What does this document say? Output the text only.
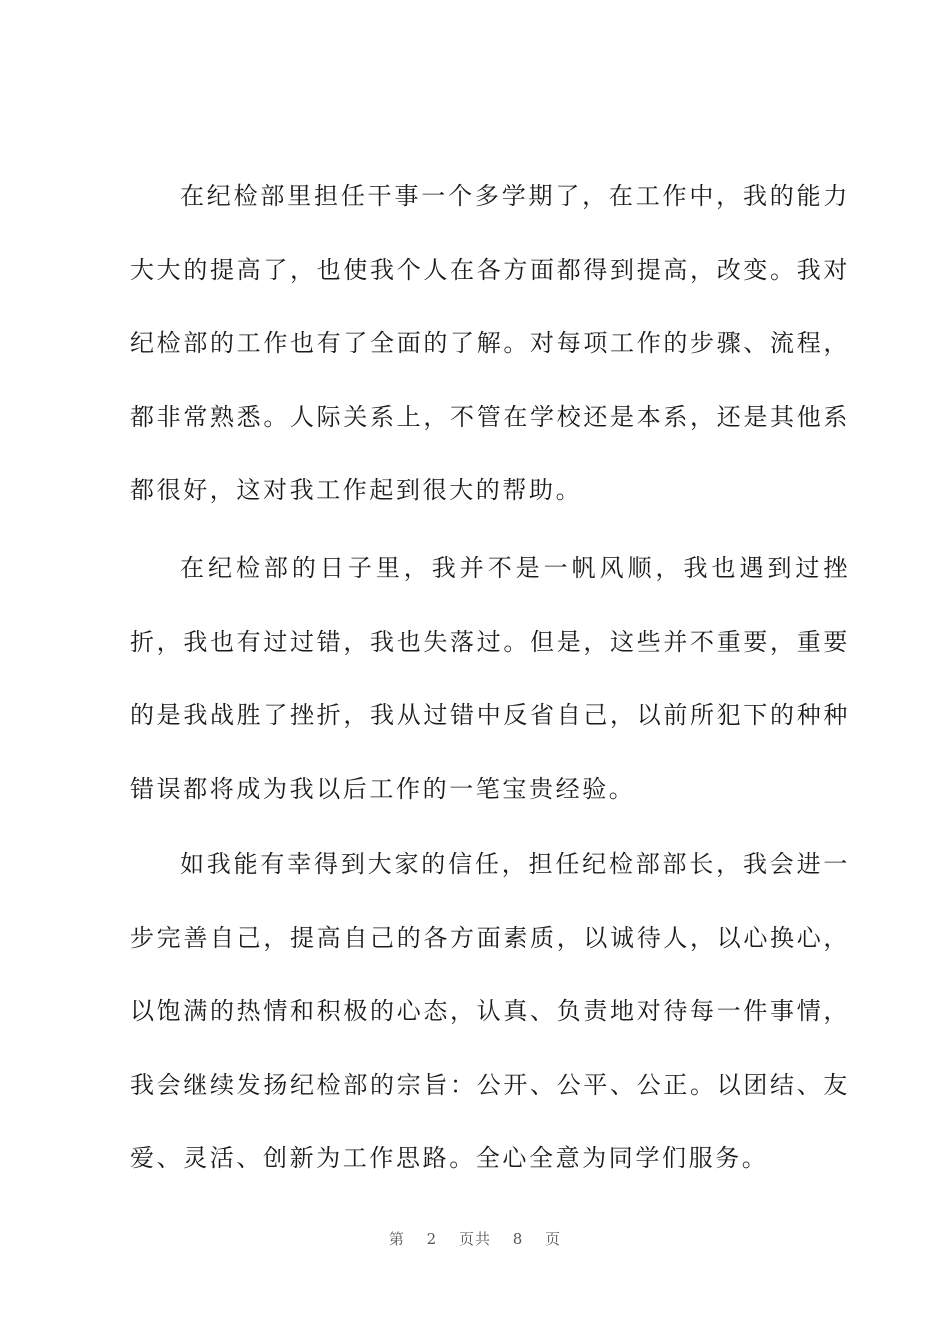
在纪检部里担任干事一个多学期了，在工作中，我的能力大大的提高了，也使我个人在各方面都得到提高，改变。我对纪检部的工作也有了全面的了解。对每项工作的步骤、流程，都非常熟悉。人际关系上，不管在学校还是本系，还是其他系都很好，这对我工作起到很大的帮助。

在纪检部的日子里，我并不是一帆风顺，我也遇到过挫折，我也有过过错，我也失落过。但是，这些并不重要，重要的是我战胜了挫折，我从过错中反省自己，以前所犯下的种种错误都将成为我以后工作的一笔宝贵经验。

如我能有幸得到大家的信任，担任纪检部部长，我会进一步完善自己，提高自己的各方面素质，以诚待人，以心换心，以饱满的热情和积极的心态，认真、负责地对待每一件事情，我会继续发扬纪检部的宗旨：公开、公平、公正。以团结、友爱、灵活、创新为工作思路。全心全意为同学们服务。

第 2 页共 8 页
